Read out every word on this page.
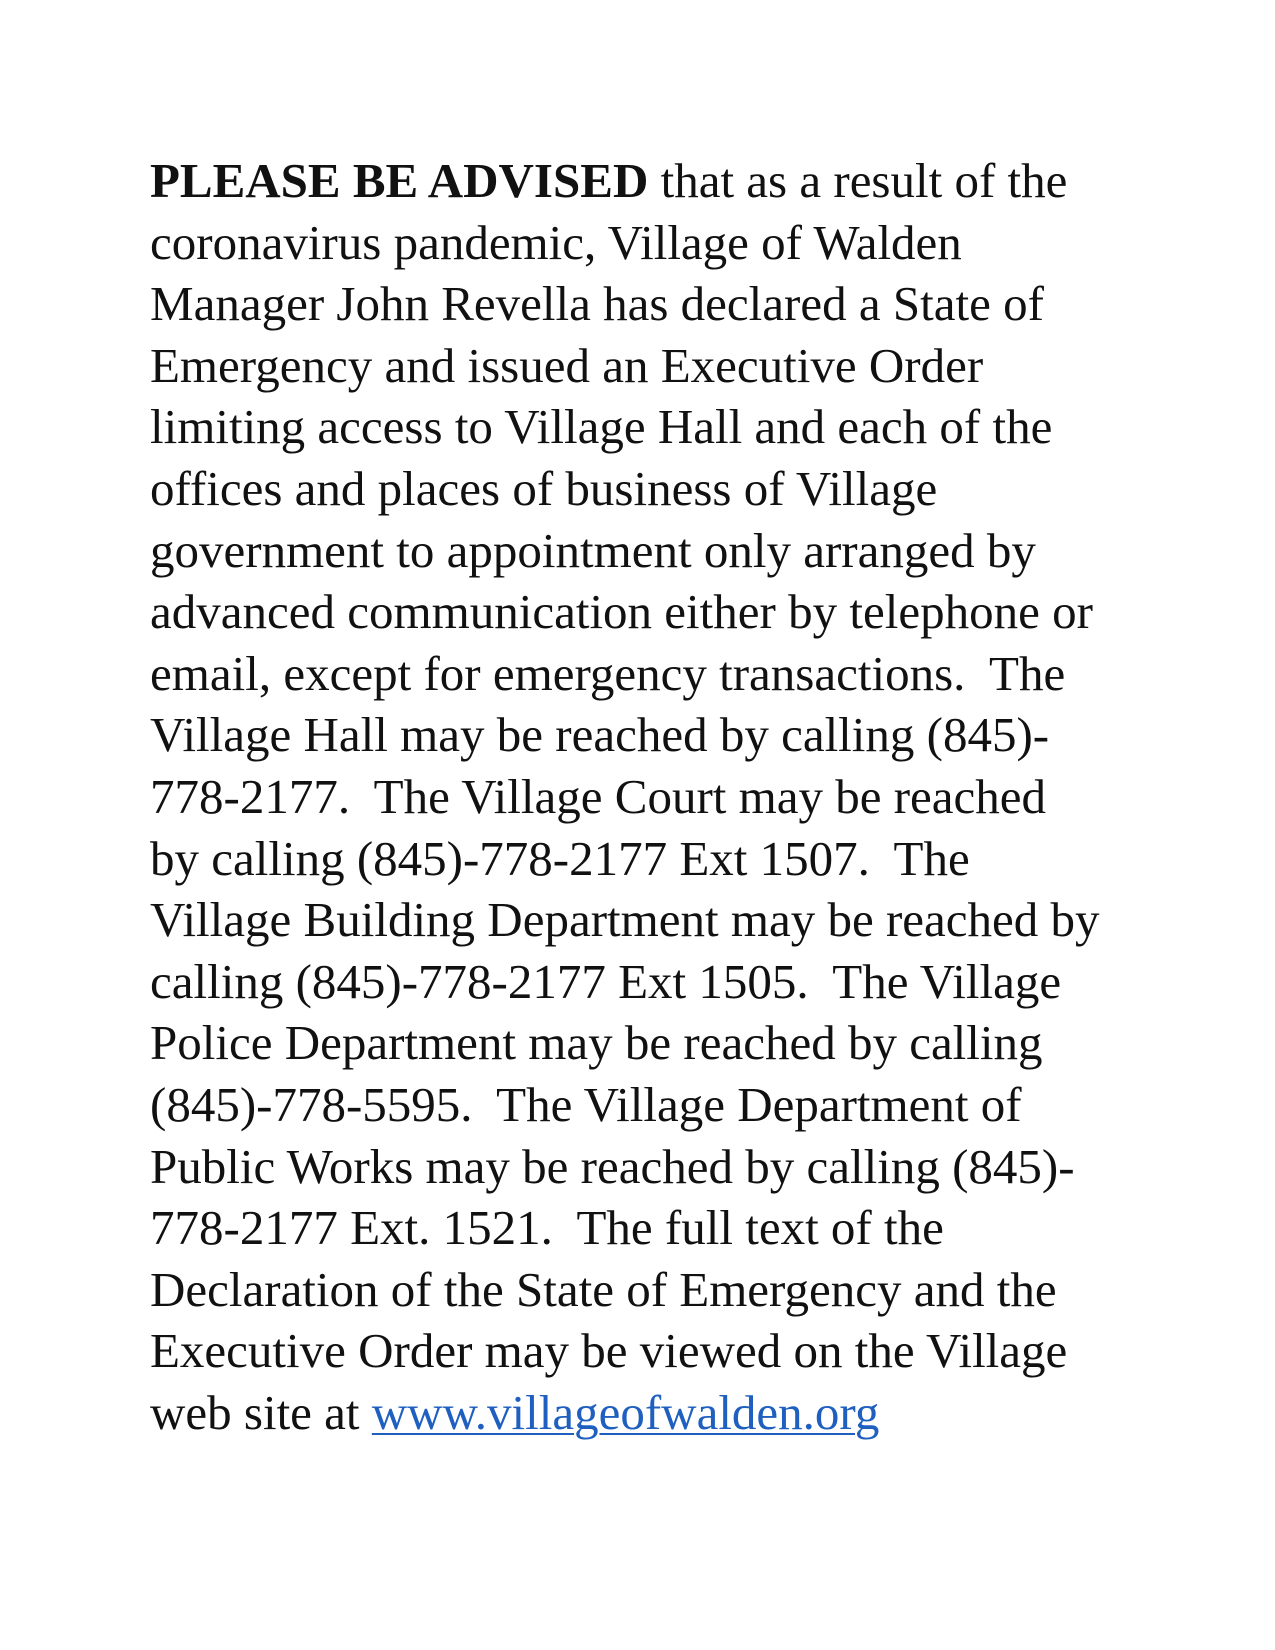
PLEASE BE ADVISED that as a result of the
coronavirus pandemic, Village of Walden
Manager John Revella has declared a State of
Emergency and issued an Executive Order
limiting access to Village Hall and each of the
offices and places of business of Village
government to appointment only arranged by
advanced communication either by telephone or
email, except for emergency transactions.  The
Village Hall may be reached by calling (845)-
778-2177.  The Village Court may be reached
by calling (845)-778-2177 Ext 1507.  The
Village Building Department may be reached by
calling (845)-778-2177 Ext 1505.  The Village
Police Department may be reached by calling
(845)-778-5595.  The Village Department of
Public Works may be reached by calling (845)-
778-2177 Ext. 1521.  The full text of the
Declaration of the State of Emergency and the
Executive Order may be viewed on the Village
web site at www.villageofwalden.org
